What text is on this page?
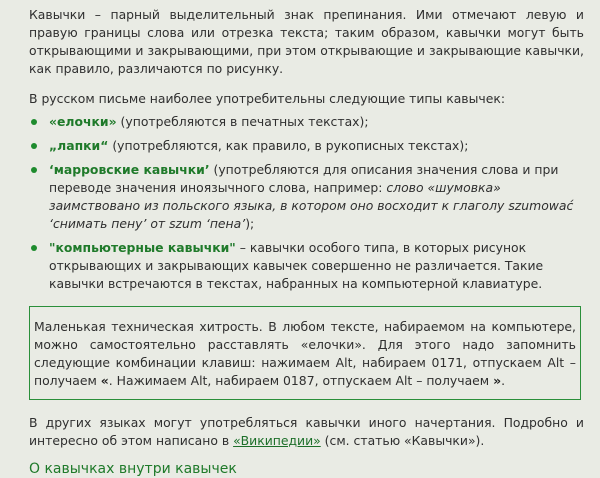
Кавычки – парный выделительный знак препинания. Ими отмечают левую и правую границы слова или отрезка текста; таким образом, кавычки могут быть открывающими и закрывающими, при этом открывающие и закрывающие кавычки, как правило, различаются по рисунку.

В русском письме наиболее употребительны следующие типы кавычек:

«елочки» (употребляются в печатных текстах);
„лапки“ (употребляются, как правило, в рукописных текстах);
‘марровские кавычки’ (употребляются для описания значения слова и при переводе значения иноязычного слова, например: слово «шумовка» заимствовано из польского языка, в котором оно восходит к глаголу szumować ‘снимать пену’ от szum ‘пена’);
"компьютерные кавычки" – кавычки особого типа, в которых рисунок открывающих и закрывающих кавычек совершенно не различается. Такие кавычки встречаются в текстах, набранных на компьютерной клавиатуре.
Маленькая техническая хитрость. В любом тексте, набираемом на компьютере, можно самостоятельно расставлять «елочки». Для этого надо запомнить следующие комбинации клавиш: нажимаем Alt, набираем 0171, отпускаем Alt – получаем «. Нажимаем Alt, набираем 0187, отпускаем Alt – получаем ».

В других языках могут употребляться кавычки иного начертания. Подробно и интересно об этом написано в «Википедии» (см. статью «Кавычки»).

О кавычках внутри кавычек
